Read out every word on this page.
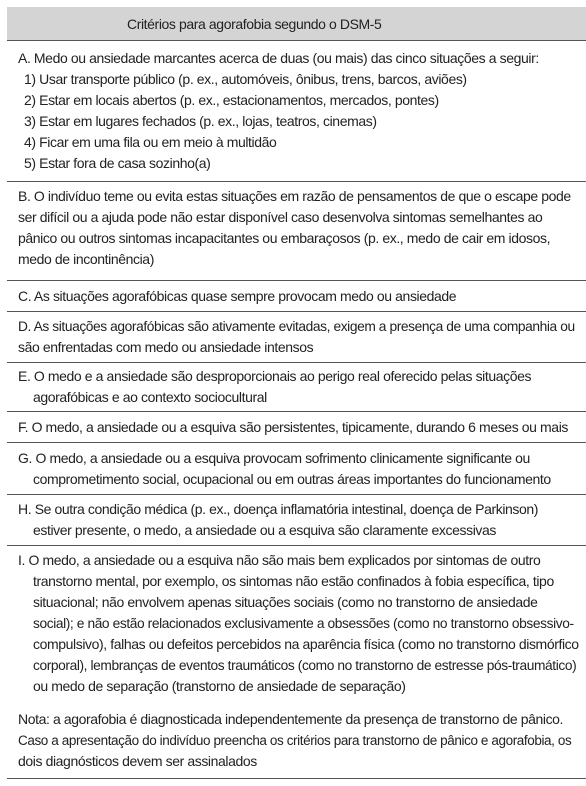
Critérios para agorafobia segundo o DSM-5

A. Medo ou ansiedade marcantes acerca de duas (ou mais) das cinco situações a seguir:

1) Usar transporte público (p. ex., automóveis, ônibus, trens, barcos, aviões)

2) Estar em locais abertos (p. ex., estacionamentos, mercados, pontes)

3) Estar em lugares fechados (p. ex., lojas, teatros, cinemas)

4) Ficar em uma fila ou em meio à multidão

5) Estar fora de casa sozinho(a)

B. O indivíduo teme ou evita estas situações em razão de pensamentos de que o escape pode

ser difícil ou a ajuda pode não estar disponível caso desenvolva sintomas semelhantes ao

pânico ou outros sintomas incapacitantes ou embaraçosos (p. ex., medo de cair em idosos,

medo de incontinência)

C. As situações agorafóbicas quase sempre provocam medo ou ansiedade

D. As situações agorafóbicas são ativamente evitadas, exigem a presença de uma companhia ou

são enfrentadas com medo ou ansiedade intensos

E. O medo e a ansiedade são desproporcionais ao perigo real oferecido pelas situações

agorafóbicas e ao contexto sociocultural

F. O medo, a ansiedade ou a esquiva são persistentes, tipicamente, durando 6 meses ou mais

G. O medo, a ansiedade ou a esquiva provocam sofrimento clinicamente significante ou

comprometimento social, ocupacional ou em outras áreas importantes do funcionamento

H. Se outra condição médica (p. ex., doença inflamatória intestinal, doença de Parkinson)

estiver presente, o medo, a ansiedade ou a esquiva são claramente excessivas

I. O medo, a ansiedade ou a esquiva não são mais bem explicados por sintomas de outro

transtorno mental, por exemplo, os sintomas não estão confinados à fobia específica, tipo

situacional; não envolvem apenas situações sociais (como no transtorno de ansiedade

social); e não estão relacionados exclusivamente a obsessões (como no transtorno obsessivo-

compulsivo), falhas ou defeitos percebidos na aparência física (como no transtorno dismórfico

corporal), lembranças de eventos traumáticos (como no transtorno de estresse pós-traumático)

ou medo de separação (transtorno de ansiedade de separação)

Nota: a agorafobia é diagnosticada independentemente da presença de transtorno de pânico.

Caso a apresentação do indivíduo preencha os critérios para transtorno de pânico e agorafobia, os

dois diagnósticos devem ser assinalados
